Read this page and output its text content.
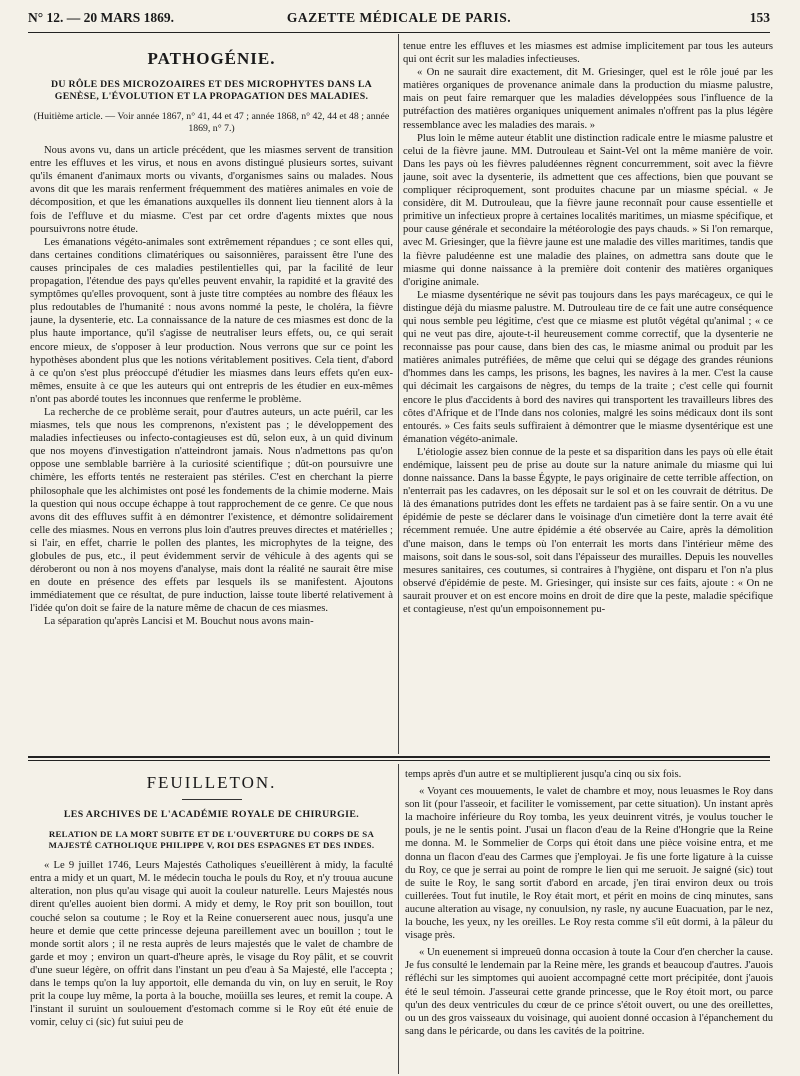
N° 12. — 20 MARS 1869.	GAZETTE MÉDICALE DE PARIS.	153
PATHOGÉNIE.
DU RÔLE DES MICROZOAIRES ET DES MICROPHYTES DANS LA GENÈSE, L'ÉVOLUTION ET LA PROPAGATION DES MALADIES.
(Huitième article. — Voir année 1867, n° 41, 44 et 47 ; année 1868, n° 42, 44 et 48 ; année 1869, n° 7.)

Nous avons vu, dans un article précédent, que les miasmes servent de transition entre les effluves et les virus, et nous en avons distingué plusieurs sortes, suivant qu'ils émanent d'animaux morts ou vivants, d'organismes sains ou malades. Nous avons dit que les marais renferment fréquemment des matières animales en voie de décomposition, et que les émanations auxquelles ils donnent lieu tiennent alors à la fois de l'effluve et du miasme. C'est par cet ordre d'agents mixtes que nous poursuivrons notre étude.

Les émanations végéto-animales sont extrêmement répandues ; ce sont elles qui, dans certaines conditions climatériques ou saisonnières, paraissent être l'une des causes principales de ces maladies pestilentielles qui, par la facilité de leur propagation, l'étendue des pays qu'elles peuvent envahir, la rapidité et la gravité des symptômes qu'elles provoquent, sont à juste titre comptées au nombre des fléaux les plus redoutables de l'humanité : nous avons nommé la peste, le choléra, la fièvre jaune, la dysenterie, etc. La connaissance de la nature de ces miasmes est donc de la plus haute importance, qu'il s'agisse de neutraliser leurs effets, ou, ce qui serait encore mieux, de s'opposer à leur production. Nous verrons que sur ce point les hypothèses abondent plus que les notions véritablement positives. Cela tient, d'abord à ce qu'on s'est plus préoccupé d'étudier les miasmes dans leurs effets qu'en eux-mêmes, ensuite à ce que les auteurs qui ont entrepris de les étudier en eux-mêmes n'ont pas abordé toutes les inconnues que renferme le problème.

La recherche de ce problème serait, pour d'autres auteurs, un acte puéril, car les miasmes, tels que nous les comprenons, n'existent pas ; le développement des maladies infectieuses ou infecto-contagieuses est dû, selon eux, à un quid divinum que nos moyens d'investigation n'atteindront jamais. Nous n'admettons pas qu'on oppose une semblable barrière à la curiosité scientifique ; dût-on poursuivre une chimère, les efforts tentés ne resteraient pas stériles. C'est en cherchant la pierre philosophale que les alchimistes ont posé les fondements de la chimie moderne. Mais la question qui nous occupe échappe à tout rapprochement de ce genre. Ce que nous avons dit des effluves suffit à en démontrer l'existence, et démontre solidairement celle des miasmes. Nous en verrons plus loin d'autres preuves directes et matérielles ; si l'air, en effet, charrie le pollen des plantes, les microphytes de la teigne, des globules de pus, etc., il peut évidemment servir de véhicule à des agents qui se déroberont ou non à nos moyens d'analyse, mais dont la réalité ne saurait être mise en doute en présence des effets par lesquels ils se manifestent. Ajoutons immédiatement que ce résultat, de pure induction, laisse toute liberté relativement à l'idée qu'on doit se faire de la nature même de chacun de ces miasmes.

La séparation qu'après Lancisi et M. Bouchut nous avons main-

tenue entre les effluves et les miasmes est admise implicitement par tous les auteurs qui ont écrit sur les maladies infectieuses.

« On ne saurait dire exactement, dit M. Griesinger, quel est le rôle joué par les matières organiques de provenance animale dans la production du miasme palustre, mais on peut faire remarquer que les maladies développées sous l'influence de la putréfaction des matières organiques uniquement animales n'offrent pas la plus légère ressemblance avec les maladies des marais. »

Plus loin le même auteur établit une distinction radicale entre le miasme palustre et celui de la fièvre jaune. MM. Dutrouleau et Saint-Vel ont la même manière de voir. Dans les pays où les fièvres paludéennes règnent concurremment, soit avec la fièvre jaune, soit avec la dysenterie, ils admettent que ces affections, bien que pouvant se compliquer réciproquement, sont produites chacune par un miasme spécial. « Je considère, dit M. Dutrouleau, que la fièvre jaune reconnaît pour cause essentielle et primitive un infectieux propre à certaines localités maritimes, un miasme spécifique, et pour cause générale et secondaire la météorologie des pays chauds. » Si l'on remarque, avec M. Griesinger, que la fièvre jaune est une maladie des villes maritimes, tandis que la fièvre paludéenne est une maladie des plaines, on admettra sans doute que le miasme qui donne naissance à la première doit contenir des matières organiques d'origine animale.

Le miasme dysentérique ne sévit pas toujours dans les pays marécageux, ce qui le distingue déjà du miasme palustre. M. Dutrouleau tire de ce fait une autre conséquence qui nous semble peu légitime, c'est que ce miasme est plutôt végétal qu'animal ; « ce qui ne veut pas dire, ajoute-t-il heureusement comme correctif, que la dysenterie ne reconnaisse pas pour cause, dans bien des cas, le miasme animal ou produit par les matières animales putréfiées, de même que celui qui se dégage des grandes réunions d'hommes dans les camps, les prisons, les bagnes, les navires à la mer. C'est la cause qui décimait les cargaisons de nègres, du temps de la traite ; c'est celle qui fournit encore le plus d'accidents à bord des navires qui transportent les travailleurs libres des côtes d'Afrique et de l'Inde dans nos colonies, malgré les soins médicaux dont ils sont entourés. » Ces faits seuls suffiraient à démontrer que le miasme dysentérique est une émanation végéto-animale.

L'étiologie assez bien connue de la peste et sa disparition dans les pays où elle était endémique, laissent peu de prise au doute sur la nature animale du miasme qui lui donne naissance. Dans la basse Égypte, le pays originaire de cette terrible affection, on n'enterrait pas les cadavres, on les déposait sur le sol et on les couvrait de détritus. De là des émanations putrides dont les effets ne tardaient pas à se faire sentir. On a vu une épidémie de peste se déclarer dans le voisinage d'un cimetière dont la terre avait été récemment remuée. Une autre épidémie a été observée au Caire, après la démolition d'une maison, dans le temps où l'on enterrait les morts dans l'intérieur même des maisons, soit dans le sous-sol, soit dans l'épaisseur des murailles. Depuis les nouvelles mesures sanitaires, ces coutumes, si contraires à l'hygiène, ont disparu et l'on n'a plus observé d'épidémie de peste. M. Griesinger, qui insiste sur ces faits, ajoute : « On ne saurait prouver et on est encore moins en droit de dire que la peste, maladie spécifique et contagieuse, n'est qu'un empoisonnement pu-

FEUILLETON.
LES ARCHIVES DE L'ACADÉMIE ROYALE DE CHIRURGIE.
RELATION DE LA MORT SUBITE ET DE L'OUVERTURE DU CORPS DE SA MAJESTÉ CATHOLIQUE PHILIPPE V, ROI DES ESPAGNES ET DES INDES.

« Le 9 juillet 1746, Leurs Majestés Catholiques s'eueillèrent à midy, la faculté entra a midy et un quart, M. le médecin toucha le pouls du Roy, et n'y trouua aucune alteration, non plus qu'au visage qui auoit la couleur naturelle. Leurs Majestés nous dirent qu'elles auoient bien dormi. A midy et demy, le Roy prit son bouillon, tout couché selon sa coutume ; le Roy et la Reine conuerserent auec nous, jusqu'a une heure et demie que cette princesse dejeuna pareillement avec un bouillon ; tout le monde sortit alors ; il ne resta auprès de leurs majestés que le valet de chambre de garde et moy ; environ un quart-d'heure après, le visage du Roy pâlit, et se couvrit d'une sueur légère, on offrit dans l'instant un peu d'eau à Sa Majesté, elle l'accepta ; dans le temps qu'on la luy apportoit, elle demanda du vin, on luy en seruit, le Roy prit la coupe luy même, la porta à la bouche, moüilla ses leures, et remit la coupe. A l'instant il suruint un soulouement d'estomach comme si le Roy eût été enuie de vomir, celuy ci (sic) fut suiui peu de

temps après d'un autre et se multiplierent jusqu'a cinq ou six fois.

« Voyant ces mouuements, le valet de chambre et moy, nous leuasmes le Roy dans son lit (pour l'asseoir, et faciliter le vomissement, par cette situation). Un instant après la machoire inférieure du Roy tomba, les yeux deuinrent vitrés, je voulus toucher le pouls, je ne le sentis point. J'usai un flacon d'eau de la Reine d'Hongrie que la Reine me donna. M. le Sommelier de Corps qui étoit dans une pièce voisine entra, et me donna un flacon d'eau des Carmes que j'employai. Je fis une forte ligature à la cuisse du Roy, ce que je serrai au point de rompre le lien qui me seruoit. Je saigné (sic) tout de suite le Roy, le sang sortit d'abord en arcade, j'en tirai environ deux ou trois cuillerées. Tout fut inutile, le Roy était mort, et périt en moins de cinq minutes, sans aucune alteration au visage, ny conuulsion, ny rasle, ny aucune Euacuation, par le nez, la bouche, les yeux, ny les oreilles. Le Roy resta comme s'il eût dormi, à la pâleur du visage près.

« Un euenement si impreueû donna occasion à toute la Cour d'en chercher la cause. Je fus consulté le lendemain par la Reine mère, les grands et beaucoup d'autres. J'auois réfléchi sur les simptomes qui auoient accompagné cette mort précipitée, dont j'auois été le seul témoin. J'asseurai cette grande princesse, que le Roy étoit mort, ou parce qu'un des deux ventricules du cœur de ce prince s'étoit ouvert, ou une des oreillettes, ou un des gros vaisseaux du voisinage, qui auoient donné occasion à l'épanchement du sang dans le péricarde, ou dans les cavités de la poitrine.
